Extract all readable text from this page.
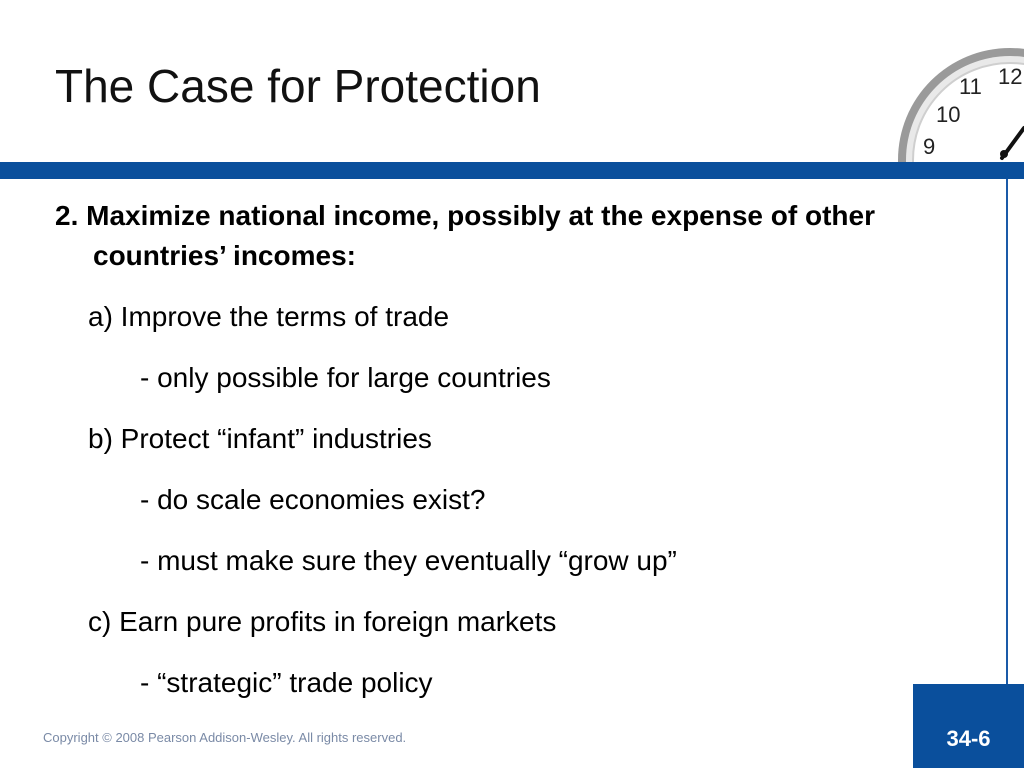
The Case for Protection	12
11
10
9

2. Maximize national income, possibly at the expense of other countries’ incomes:

a) Improve the terms of trade
- only possible for large countries
b) Protect “infant” industries
- do scale economies exist?
- must make sure they eventually “grow up”
c) Earn pure profits in foreign markets
- “strategic” trade policy
Copyright © 2008 Pearson Addison-Wesley. All rights reserved.	34-6
